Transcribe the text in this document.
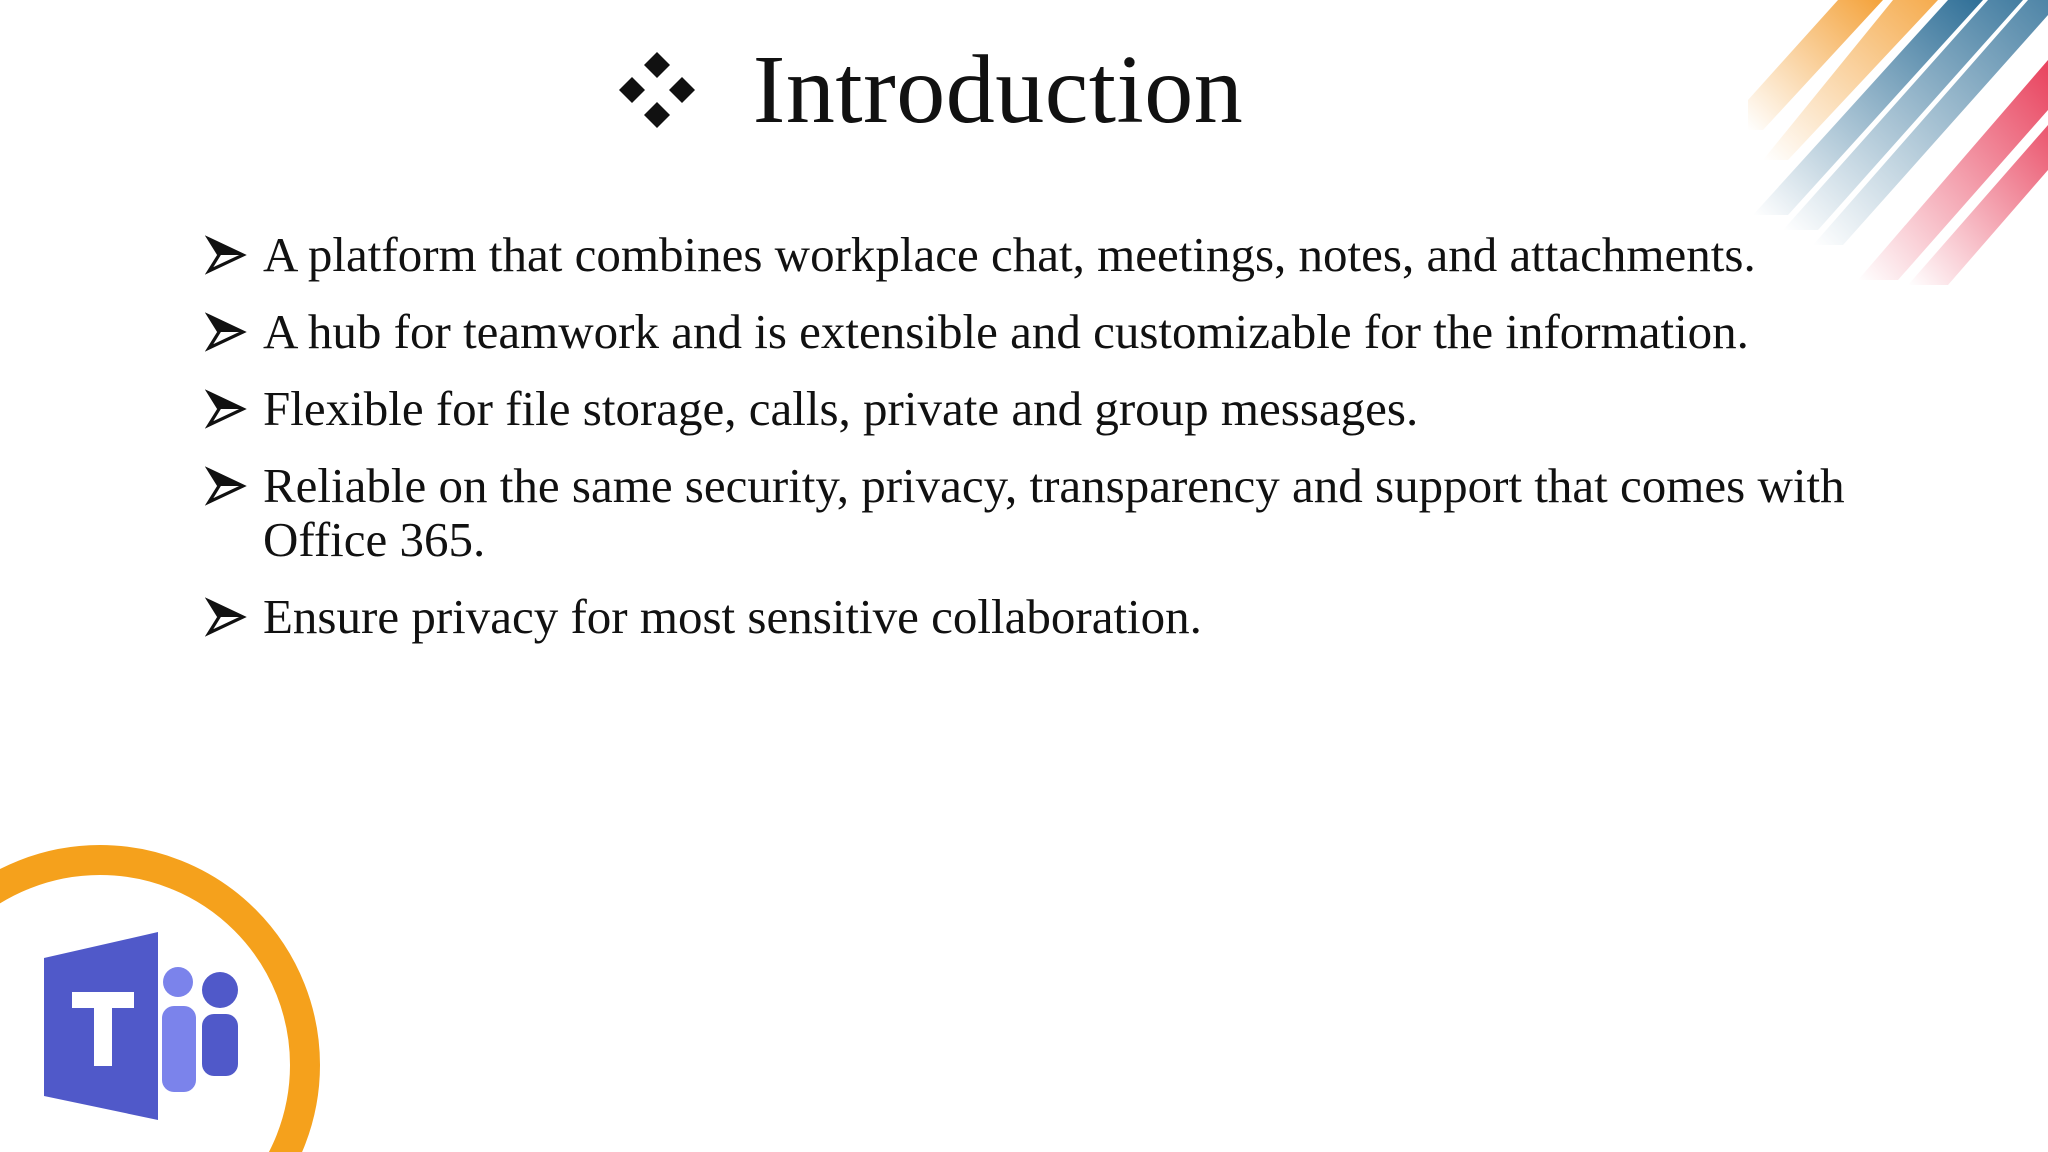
Introduction
A platform that combines workplace chat, meetings, notes, and attachments.
A hub for teamwork and is extensible and customizable for the information.
Flexible for file storage, calls, private and group messages.
Reliable on the same security, privacy, transparency and support that comes with Office 365.
Ensure privacy for most sensitive collaboration.
